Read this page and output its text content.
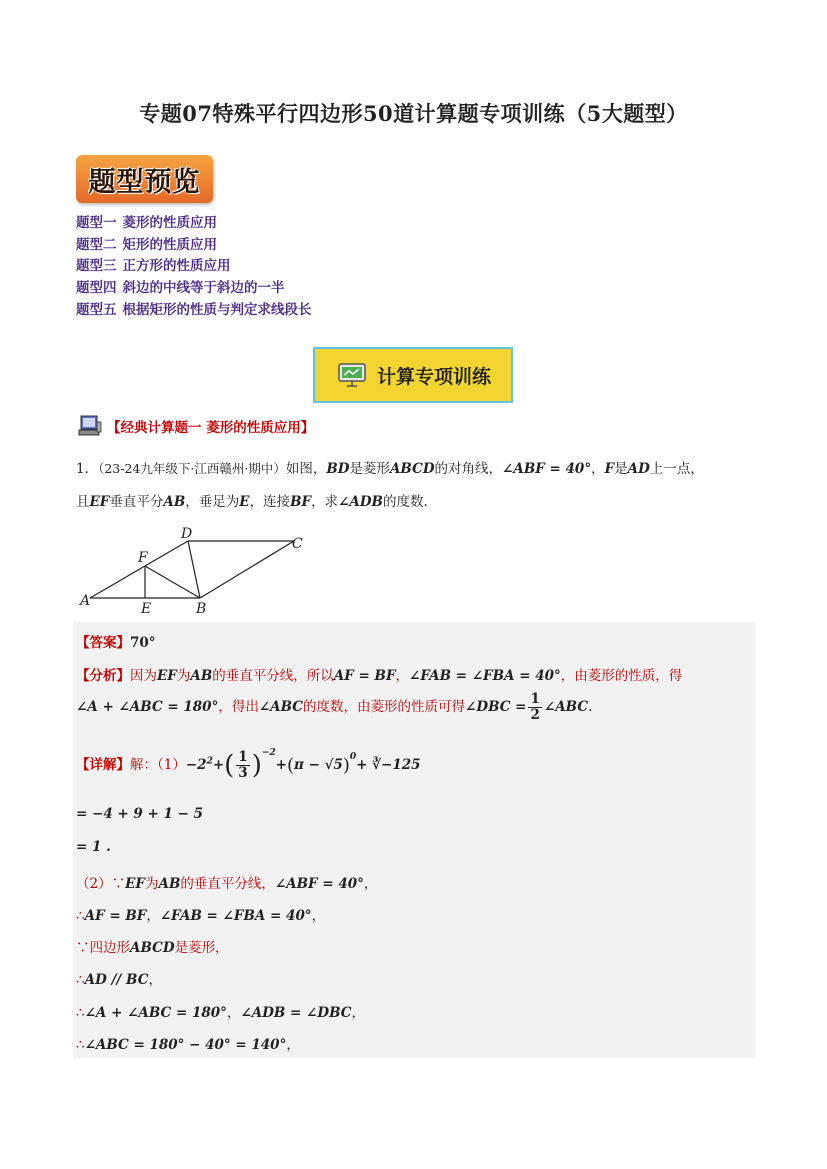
专题07特殊平行四边形50道计算题专项训练（5大题型）
题型预览
题型一 菱形的性质应用
题型二 矩形的性质应用
题型三 正方形的性质应用
题型四 斜边的中线等于斜边的一半
题型五 根据矩形的性质与判定求线段长
计算专项训练
【经典计算题一 菱形的性质应用】
1．（23-24九年级下·江西赣州·期中）如图，BD是菱形ABCD的对角线，∠ABF = 40°，F是AD上一点，
且EF垂直平分AB，垂足为E，连接BF，求∠ADB的度数.
A	E	B
F
D
C
【答案】70°
【分析】因为EF为AB的垂直平分线，所以AF = BF，∠FAB = ∠FBA = 40°，由菱形的性质，得
∠A + ∠ABC = 180°，得出∠ABC的度数，由菱形的性质可得∠DBC = $\frac{1}{2}$ ∠ABC.
【详解】解：$(1)-2^2+( \frac{1}{3} )^{-2}+(\pi - √5)^0+$ ∛−125
= −4 + 9 + 1 − 5
= 1 .
（2）∵EF为AB的垂直平分线，∠ABF = 40°，
∴AF = BF，∠FAB = ∠FBA = 40°，
∵四边形ABCD是菱形，
∴AD // BC，
∴∠A + ∠ABC = 180°，∠ADB = ∠DBC，
∴∠ABC = 180° − 40° = 140°，
